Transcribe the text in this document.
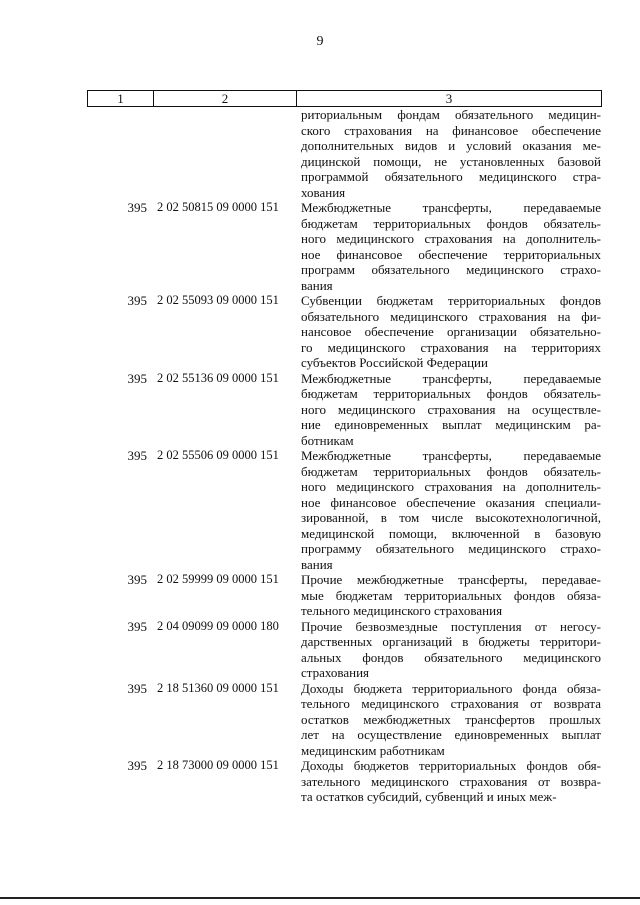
9
1	2	3
риториальным фондам обязательного медицин-
ского страхования на финансовое обеспечение
дополнительных видов и условий оказания ме-
дицинской помощи, не установленных базовой
программой обязательного медицинского стра-
хования
395 2 02 50815 09 0000 151	Межбюджетные трансферты, передаваемые
бюджетам территориальных фондов обязатель-
ного медицинского страхования на дополнитель-
ное финансовое обеспечение территориальных
программ обязательного медицинского страхо-
вания
395 2 02 55093 09 0000 151	Субвенции бюджетам территориальных фондов
обязательного медицинского страхования на фи-
нансовое обеспечение организации обязательно-
го медицинского страхования на территориях
субъектов Российской Федерации
395 2 02 55136 09 0000 151	Межбюджетные трансферты, передаваемые
бюджетам территориальных фондов обязатель-
ного медицинского страхования на осуществле-
ние единовременных выплат медицинским ра-
ботникам
395 2 02 55506 09 0000 151	Межбюджетные трансферты, передаваемые
бюджетам территориальных фондов обязатель-
ного медицинского страхования на дополнитель-
ное финансовое обеспечение оказания специали-
зированной, в том числе высокотехнологичной,
медицинской помощи, включенной в базовую
программу обязательного медицинского страхо-
вания
395 2 02 59999 09 0000 151	Прочие межбюджетные трансферты, передавае-
мые бюджетам территориальных фондов обяза-
тельного медицинского страхования
395 2 04 09099 09 0000 180	Прочие безвозмездные поступления от негосу-
дарственных организаций в бюджеты территори-
альных фондов обязательного медицинского
страхования
395 2 18 51360 09 0000 151	Доходы бюджета территориального фонда обяза-
тельного медицинского страхования от возврата
остатков межбюджетных трансфертов прошлых
лет на осуществление единовременных выплат
медицинским работникам
395 2 18 73000 09 0000 151	Доходы бюджетов территориальных фондов обя-
зательного медицинского страхования от возвра-
та остатков субсидий, субвенций и иных меж-
